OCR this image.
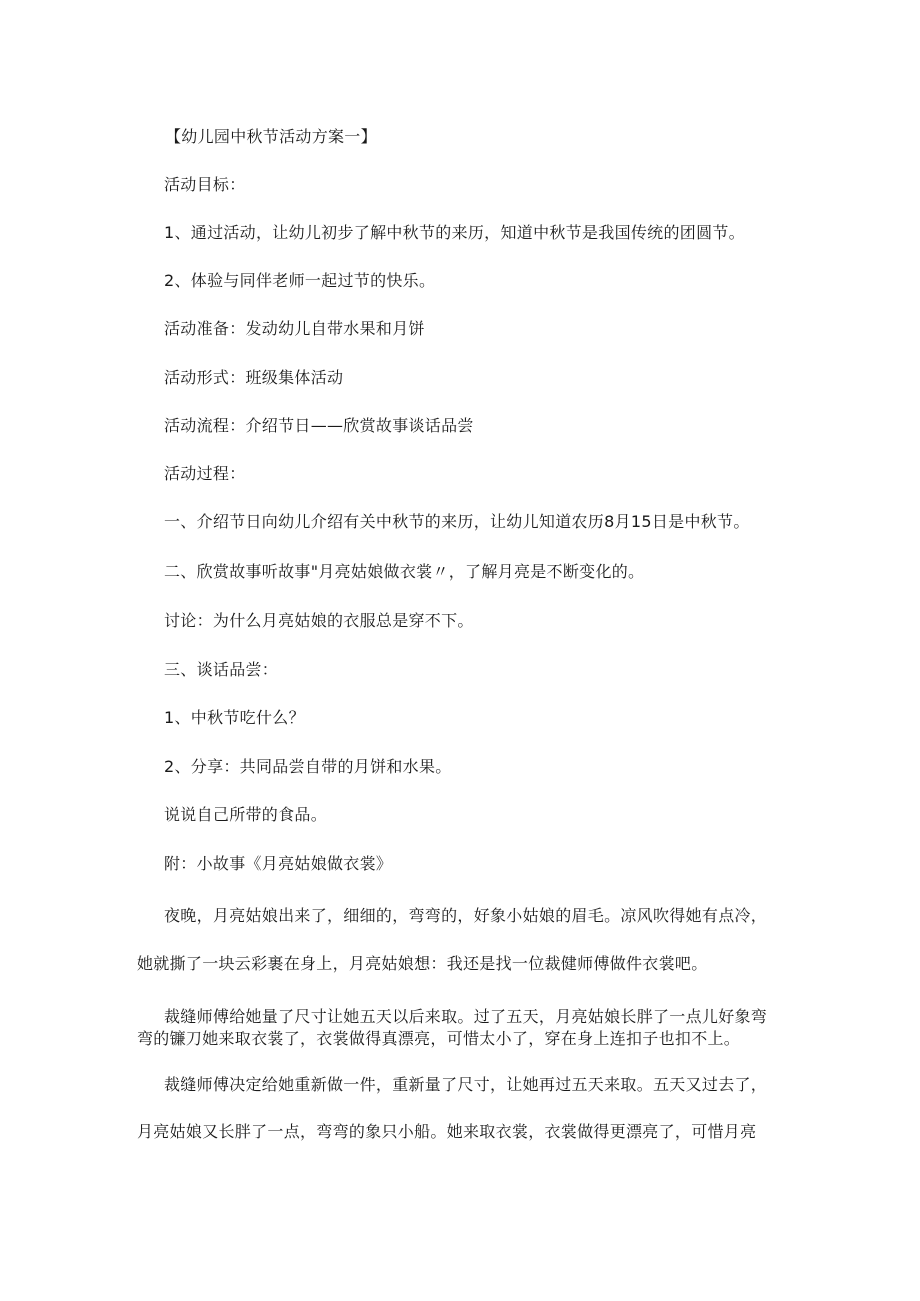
【幼儿园中秋节活动方案一】
活动目标：
1、通过活动，让幼儿初步了解中秋节的来历，知道中秋节是我国传统的团圆节。
2、体验与同伴老师一起过节的快乐。
活动准备：发动幼儿自带水果和月饼
活动形式：班级集体活动
活动流程：介绍节日——欣赏故事谈话品尝
活动过程：
一、介绍节日向幼儿介绍有关中秋节的来历，让幼儿知道农历8月15日是中秋节。
二、欣赏故事听故事"月亮姑娘做衣裳〃，了解月亮是不断变化的。
讨论：为什么月亮姑娘的衣服总是穿不下。
三、谈话品尝：
1、中秋节吃什么？
2、分享：共同品尝自带的月饼和水果。
说说自己所带的食品。
附：小故事《月亮姑娘做衣裳》
夜晚，月亮姑娘出来了，细细的，弯弯的，好象小姑娘的眉毛。凉风吹得她有点冷，
她就撕了一块云彩裹在身上，月亮姑娘想：我还是找一位裁健师傅做件衣裳吧。
裁缝师傅给她量了尺寸让她五天以后来取。过了五天，月亮姑娘长胖了一点儿好象弯
弯的镰刀她来取衣裳了，衣裳做得真漂亮，可惜太小了，穿在身上连扣子也扣不上。
裁缝师傅决定给她重新做一件，重新量了尺寸，让她再过五天来取。五天又过去了，
月亮姑娘又长胖了一点，弯弯的象只小船。她来取衣裳，衣裳做得更漂亮了，可惜月亮
